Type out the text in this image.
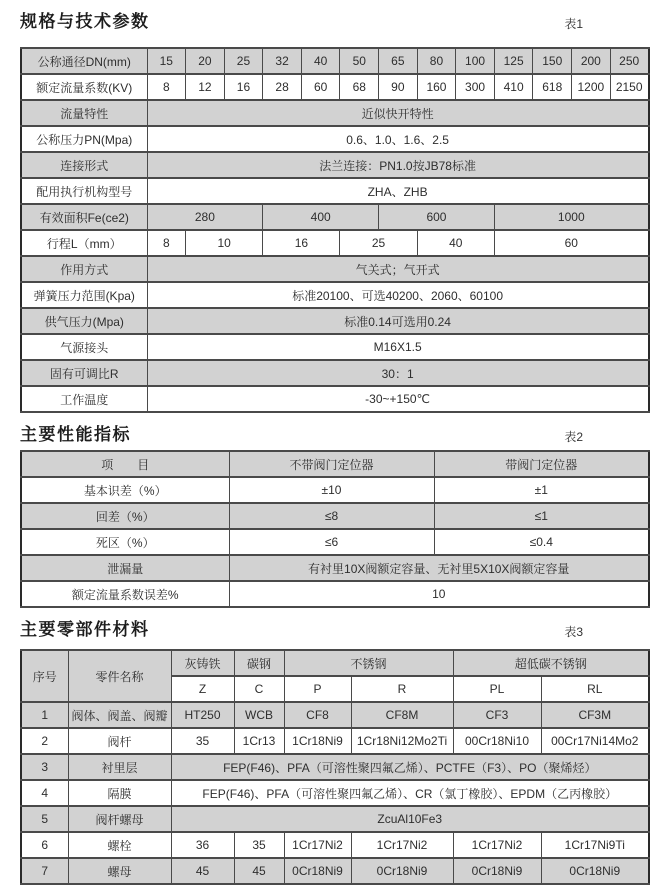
规格与技术参数	表1
公称通径DN(mm)	15	20	25	32	40	50	65	80	100	125	150	200	250
额定流量系数(KV)	8	12	16	28	60	68	90	160	300	410	618	1200	2150
流量特性	近似快开特性												
公称压力PN(Mpa)	0.6、1.0、1.6、2.5												
连接形式	法兰连接：PN1.0按JB78标准												
配用执行机构型号	ZHA、ZHB												
有效面积Fe(ce2)	280			400			600			1000			
行程L（mm）	8	10		16		25		40		60			
作用方式	气关式；气开式												
弹簧压力范围(Kpa)	标准20100、可选40200、2060、60100												
供气压力(Mpa)	标准0.14可选用0.24												
气源接头	M16X1.5												
固有可调比R	30：1												
工作温度	-30~+150℃												
主要性能指标	表2
项　　目	不带阀门定位器	带阀门定位器
基本识差（%）	±10	±1
回差（%）	≤8	≤1
死区（%）	≤6	≤0.4
泄漏量	有衬里10X阀额定容量、无衬里5X10X阀额定容量	
额定流量系数误差%	10	
主要零部件材料	表3
序号	零件名称	灰铸铁	碳钢	不锈钢		超低碳不锈钢	
		Z	C	P	R	PL	RL
1	阀体、阀盖、阀瓣	HT250	WCB	CF8	CF8M	CF3	CF3M
2	阀杆	35	1Cr13	1Cr18Ni9	1Cr18Ni12Mo2Ti	00Cr18Ni10	00Cr17Ni14Mo2
3	衬里层	FEP(F46)、PFA（可溶性聚四氟乙烯）、PCTFE（F3）、PO（聚烯烃）					
4	隔膜	FEP(F46)、PFA（可溶性聚四氟乙烯）、CR（氯丁橡胶）、EPDM（乙丙橡胶）					
5	阀杆螺母	ZcuAl10Fe3					
6	螺栓	36	35	1Cr17Ni2	1Cr17Ni2	1Cr17Ni2	1Cr17Ni9Ti
7	螺母	45	45	0Cr18Ni9	0Cr18Ni9	0Cr18Ni9	0Cr18Ni9
